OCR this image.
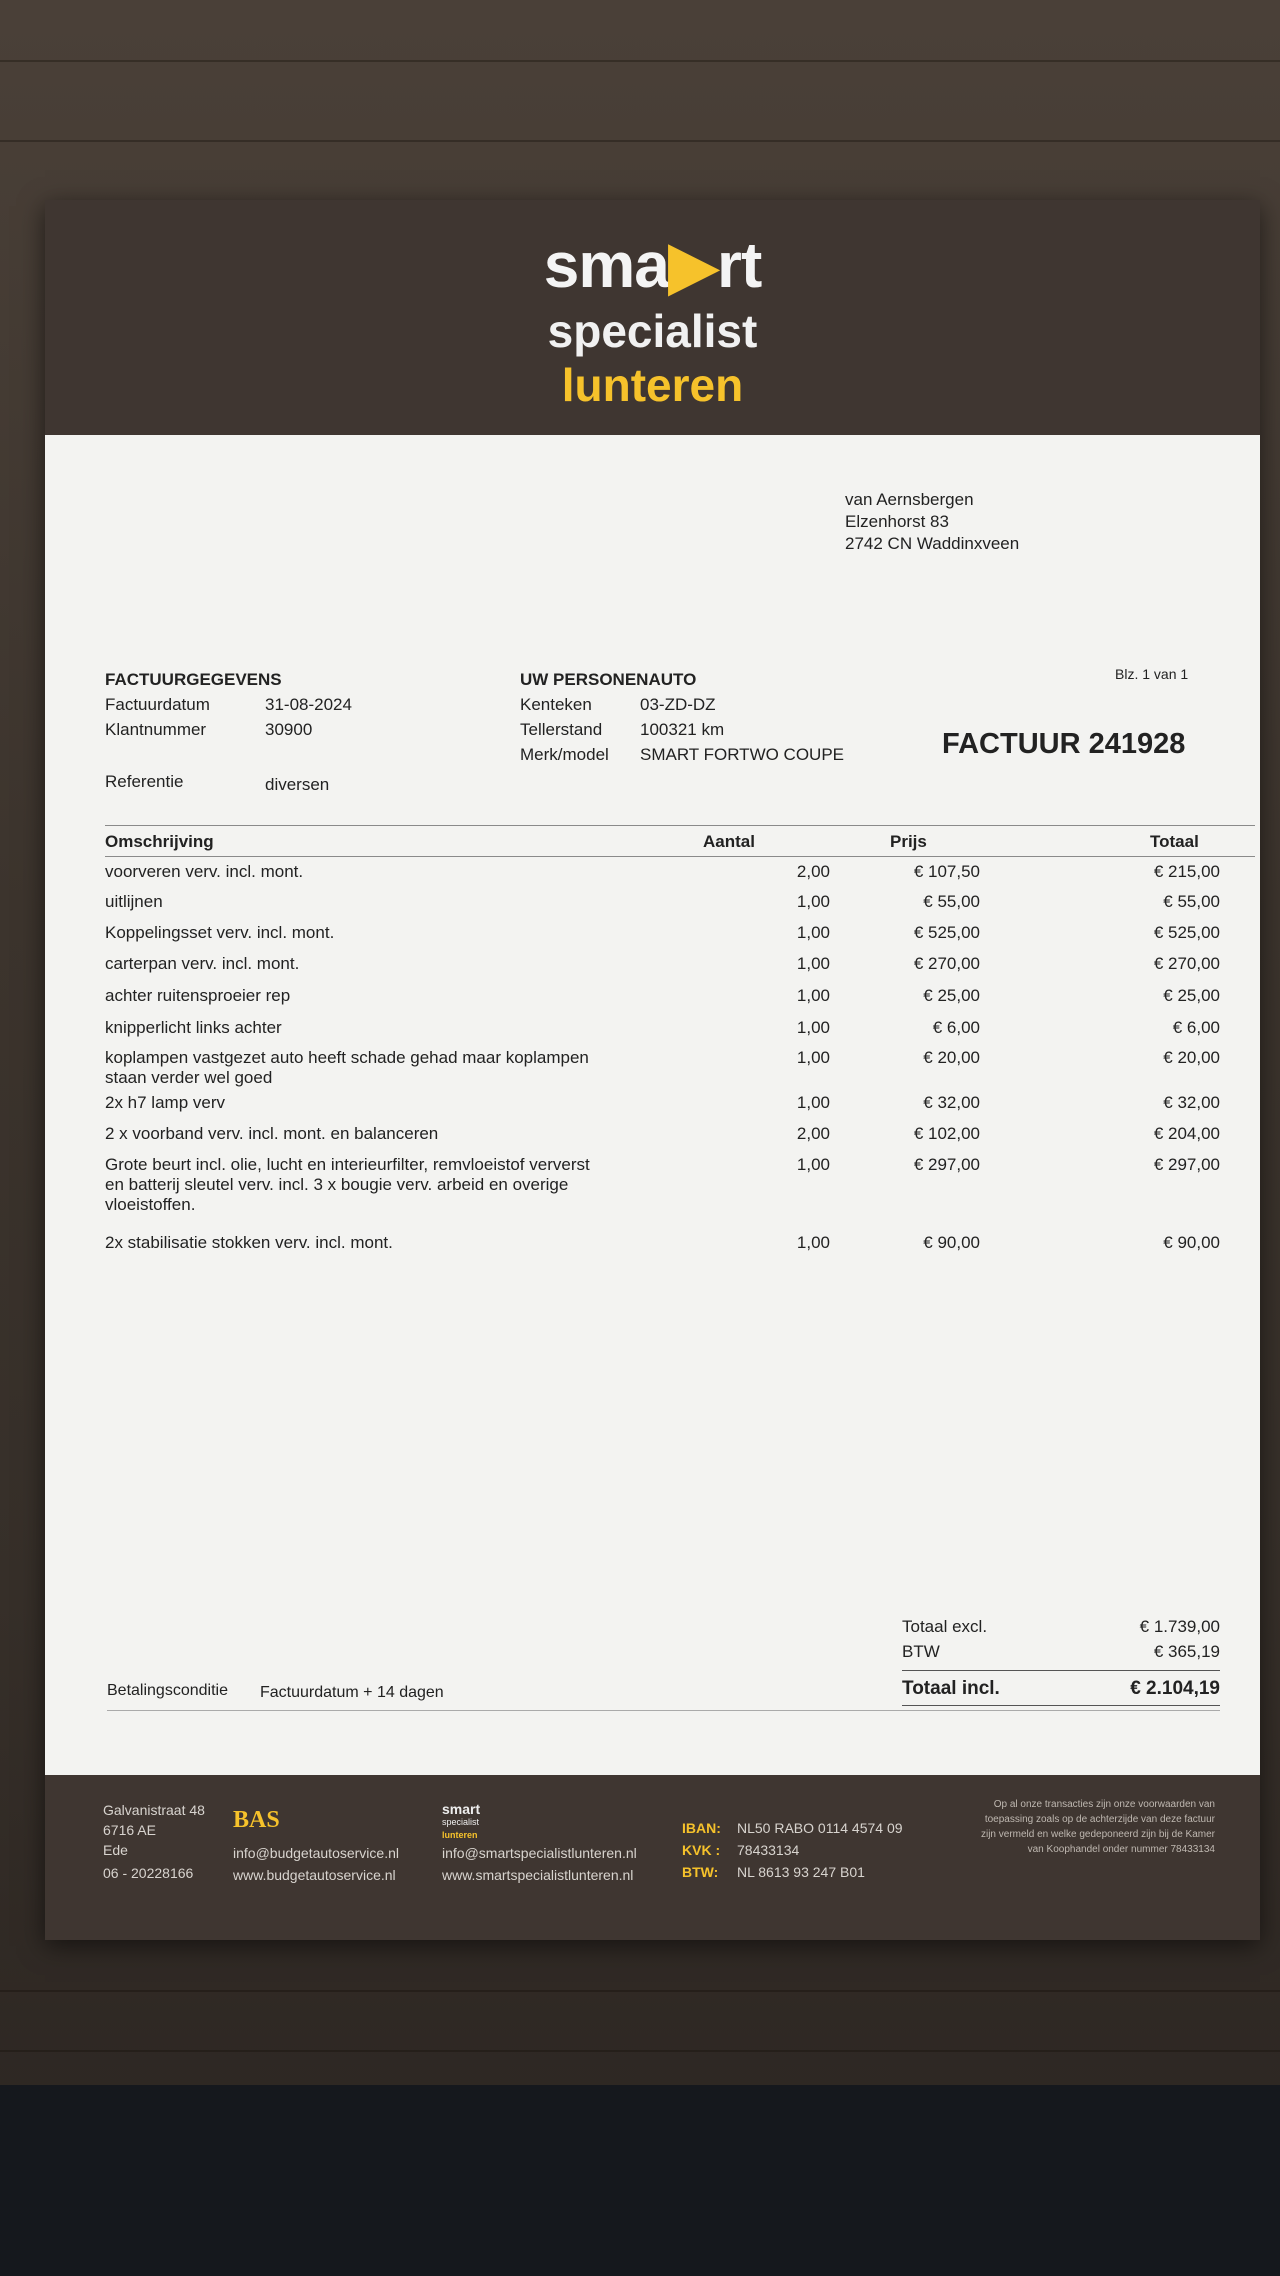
sma▶rt
specialist
lunteren
van Aernsbergen
Elzenhorst 83
2742 CN Waddinxveen
FACTUURGEGEVENS
Factuurdatum	31-08-2024
Klantnummer	30900
Referentie	diversen
UW PERSONENAUTO
Kenteken	03-ZD-DZ
Tellerstand 100321 km
Merk/model SMART FORTWO COUPE
Blz. 1 van 1
FACTUUR 241928
Omschrijving	Aantal	Prijs	Totaal
voorveren verv. incl. mont.	2,00	€ 107,50	€ 215,00
uitlijnen	1,00	€ 55,00	€ 55,00
Koppelingsset verv. incl. mont.	1,00	€ 525,00	€ 525,00
carterpan verv. incl. mont.	1,00	€ 270,00	€ 270,00
achter ruitensproeier rep	1,00	€ 25,00	€ 25,00
knipperlicht links achter	1,00	€ 6,00	€ 6,00
koplampen vastgezet auto heeft schade gehad maar koplampen
staan verder wel goed
1,00	€ 20,00	€ 20,00
2x h7 lamp verv	1,00	€ 32,00	€ 32,00
2 x voorband verv. incl. mont. en balanceren	2,00	€ 102,00	€ 204,00
Grote beurt incl. olie, lucht en interieurfilter, remvloeistof ververst
en batterij sleutel verv. incl. 3 x bougie verv. arbeid en overige
vloeistoffen.
1,00	€ 297,00	€ 297,00
2x stabilisatie stokken verv. incl. mont.	1,00	€ 90,00	€ 90,00
Totaal excl.	€ 1.739,00
BTW	€ 365,19
Totaal incl.	€ 2.104,19
Betalingsconditie Factuurdatum + 14 dagen
Galvanistraat 48
6716 AE
Ede
06 - 20228166
BAS
info@budgetautoservice.nl
www.budgetautoservice.nl
smart
specialist
lunteren
info@smartspecialistlunteren.nl
www.smartspecialistlunteren.nl
IBAN: NL50 RABO 0114 4574 09
KVK : 78433134
BTW: NL 8613 93 247 B01
Op al onze transacties zijn onze voorwaarden van
toepassing zoals op de achterzijde van deze factuur
zijn vermeld en welke gedeponeerd zijn bij de Kamer
van Koophandel onder nummer 78433134
